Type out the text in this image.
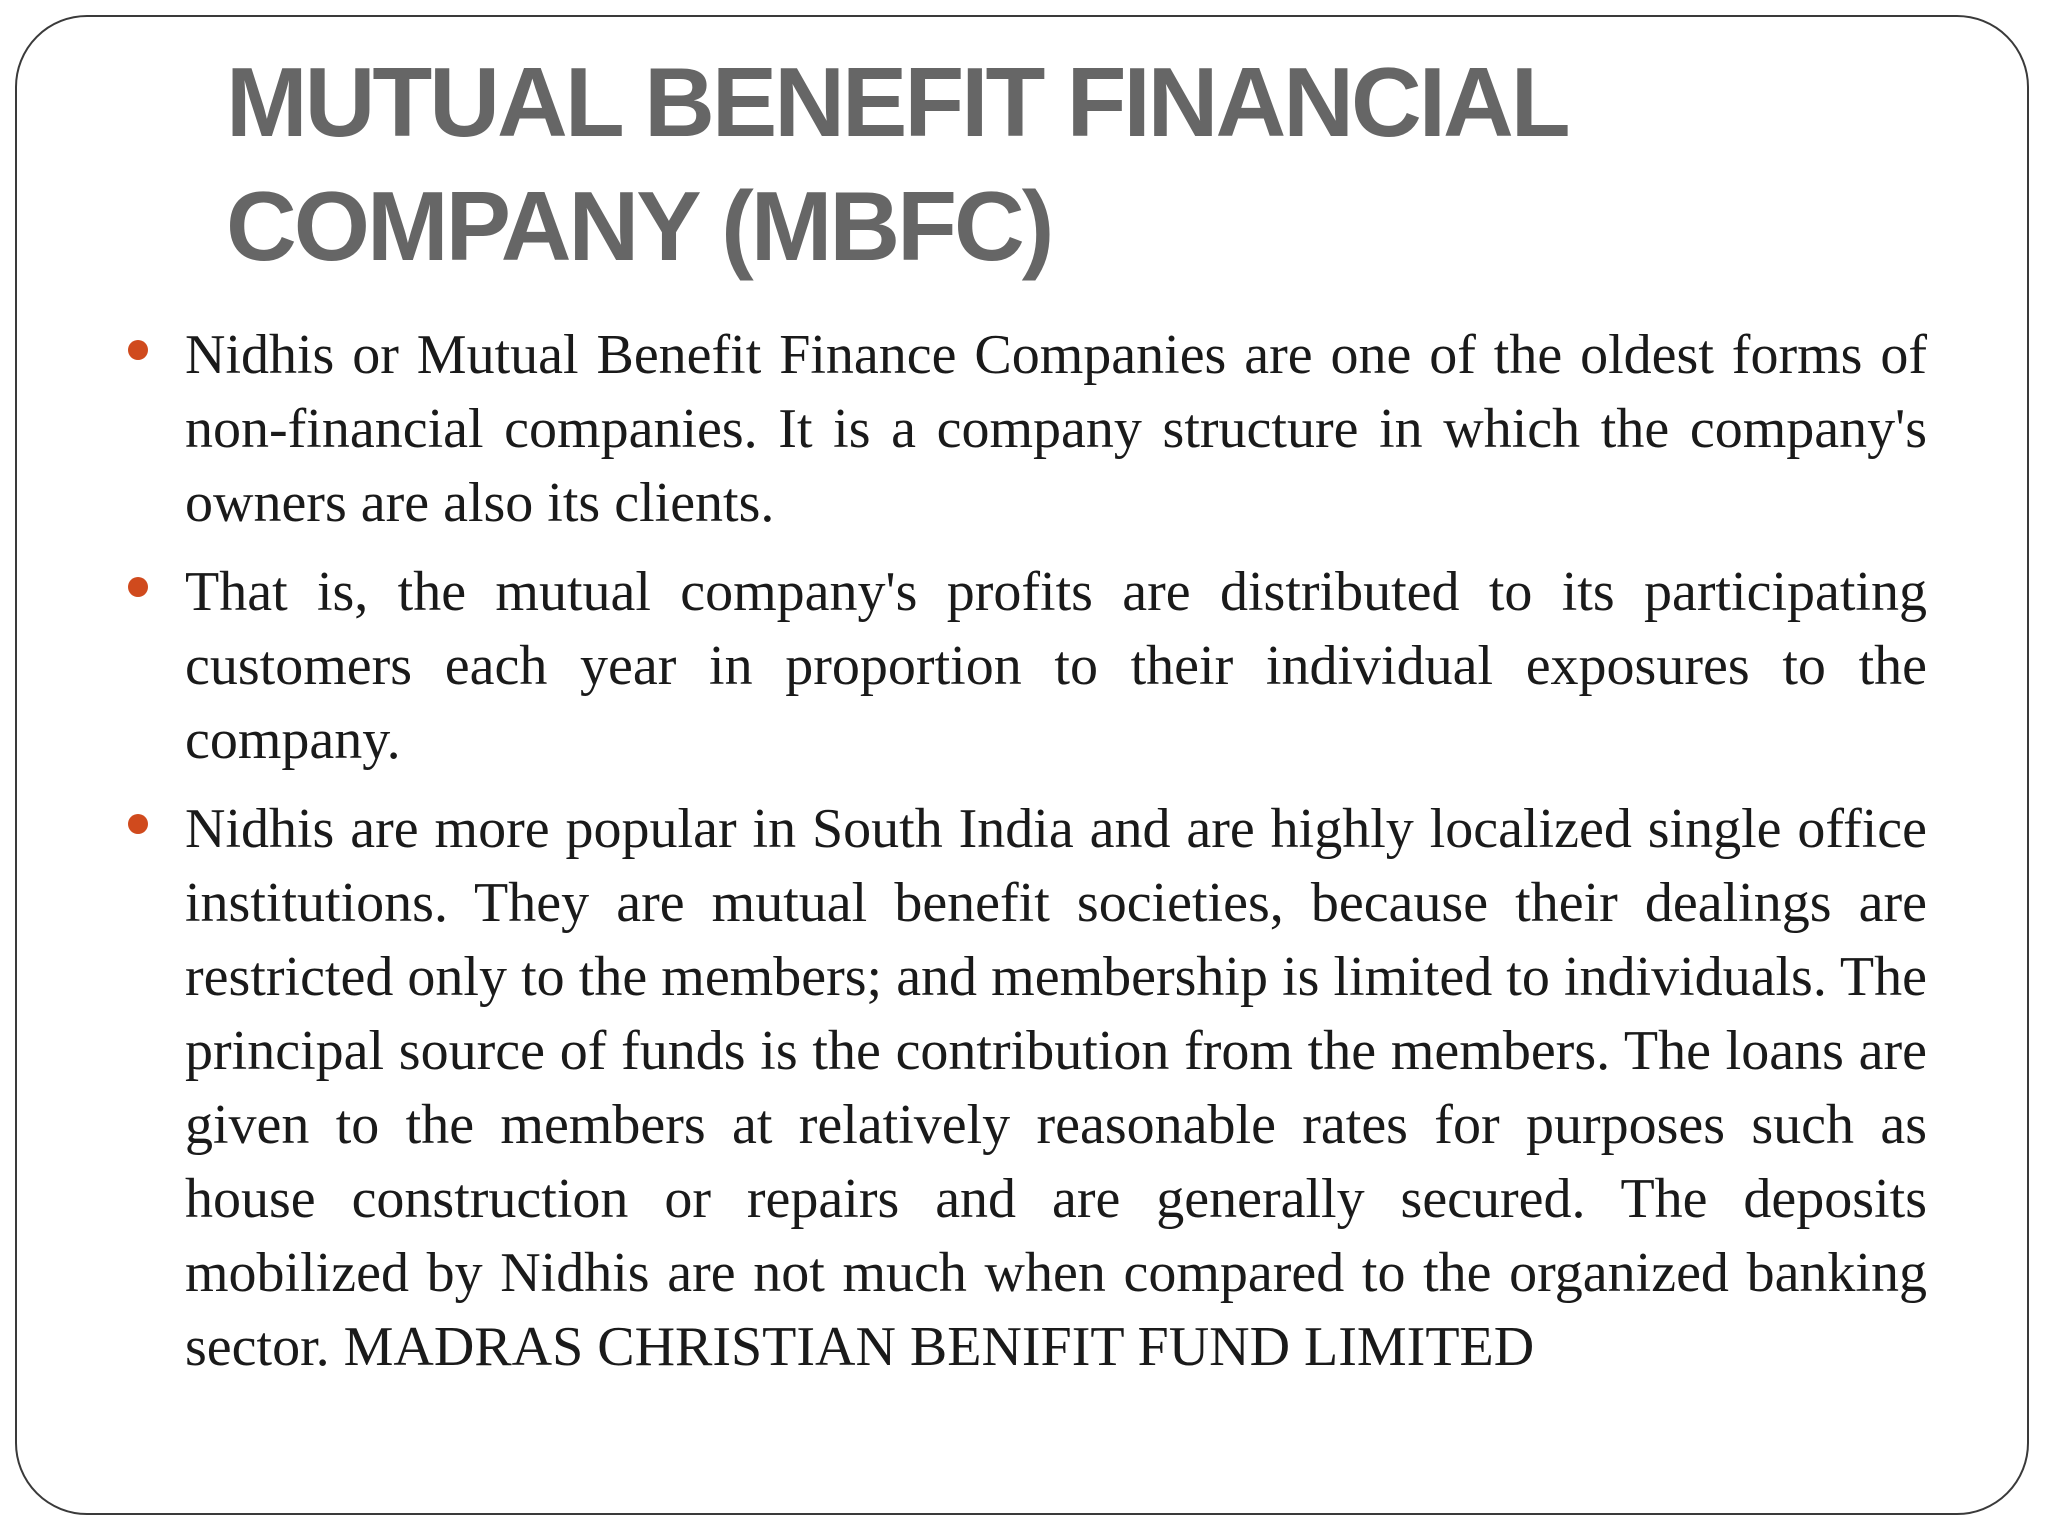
MUTUAL BENEFIT FINANCIAL
COMPANY (MBFC)
Nidhis or Mutual Benefit Finance Companies are one of the oldest forms of non-financial companies. It is a company structure in which the company's owners are also its clients.
That is, the mutual company's profits are distributed to its participating customers each year in proportion to their individual exposures to the company.
Nidhis are more popular in South India and are highly localized single office institutions. They are mutual benefit societies, because their dealings are restricted only to the members; and membership is limited to individuals. The principal source of funds is the contribution from the members. The loans are given to the members at relatively reasonable rates for purposes such as house construction or repairs and are generally secured. The deposits mobilized by Nidhis are not much when compared to the organized banking sector. MADRAS CHRISTIAN BENIFIT FUND LIMITED
